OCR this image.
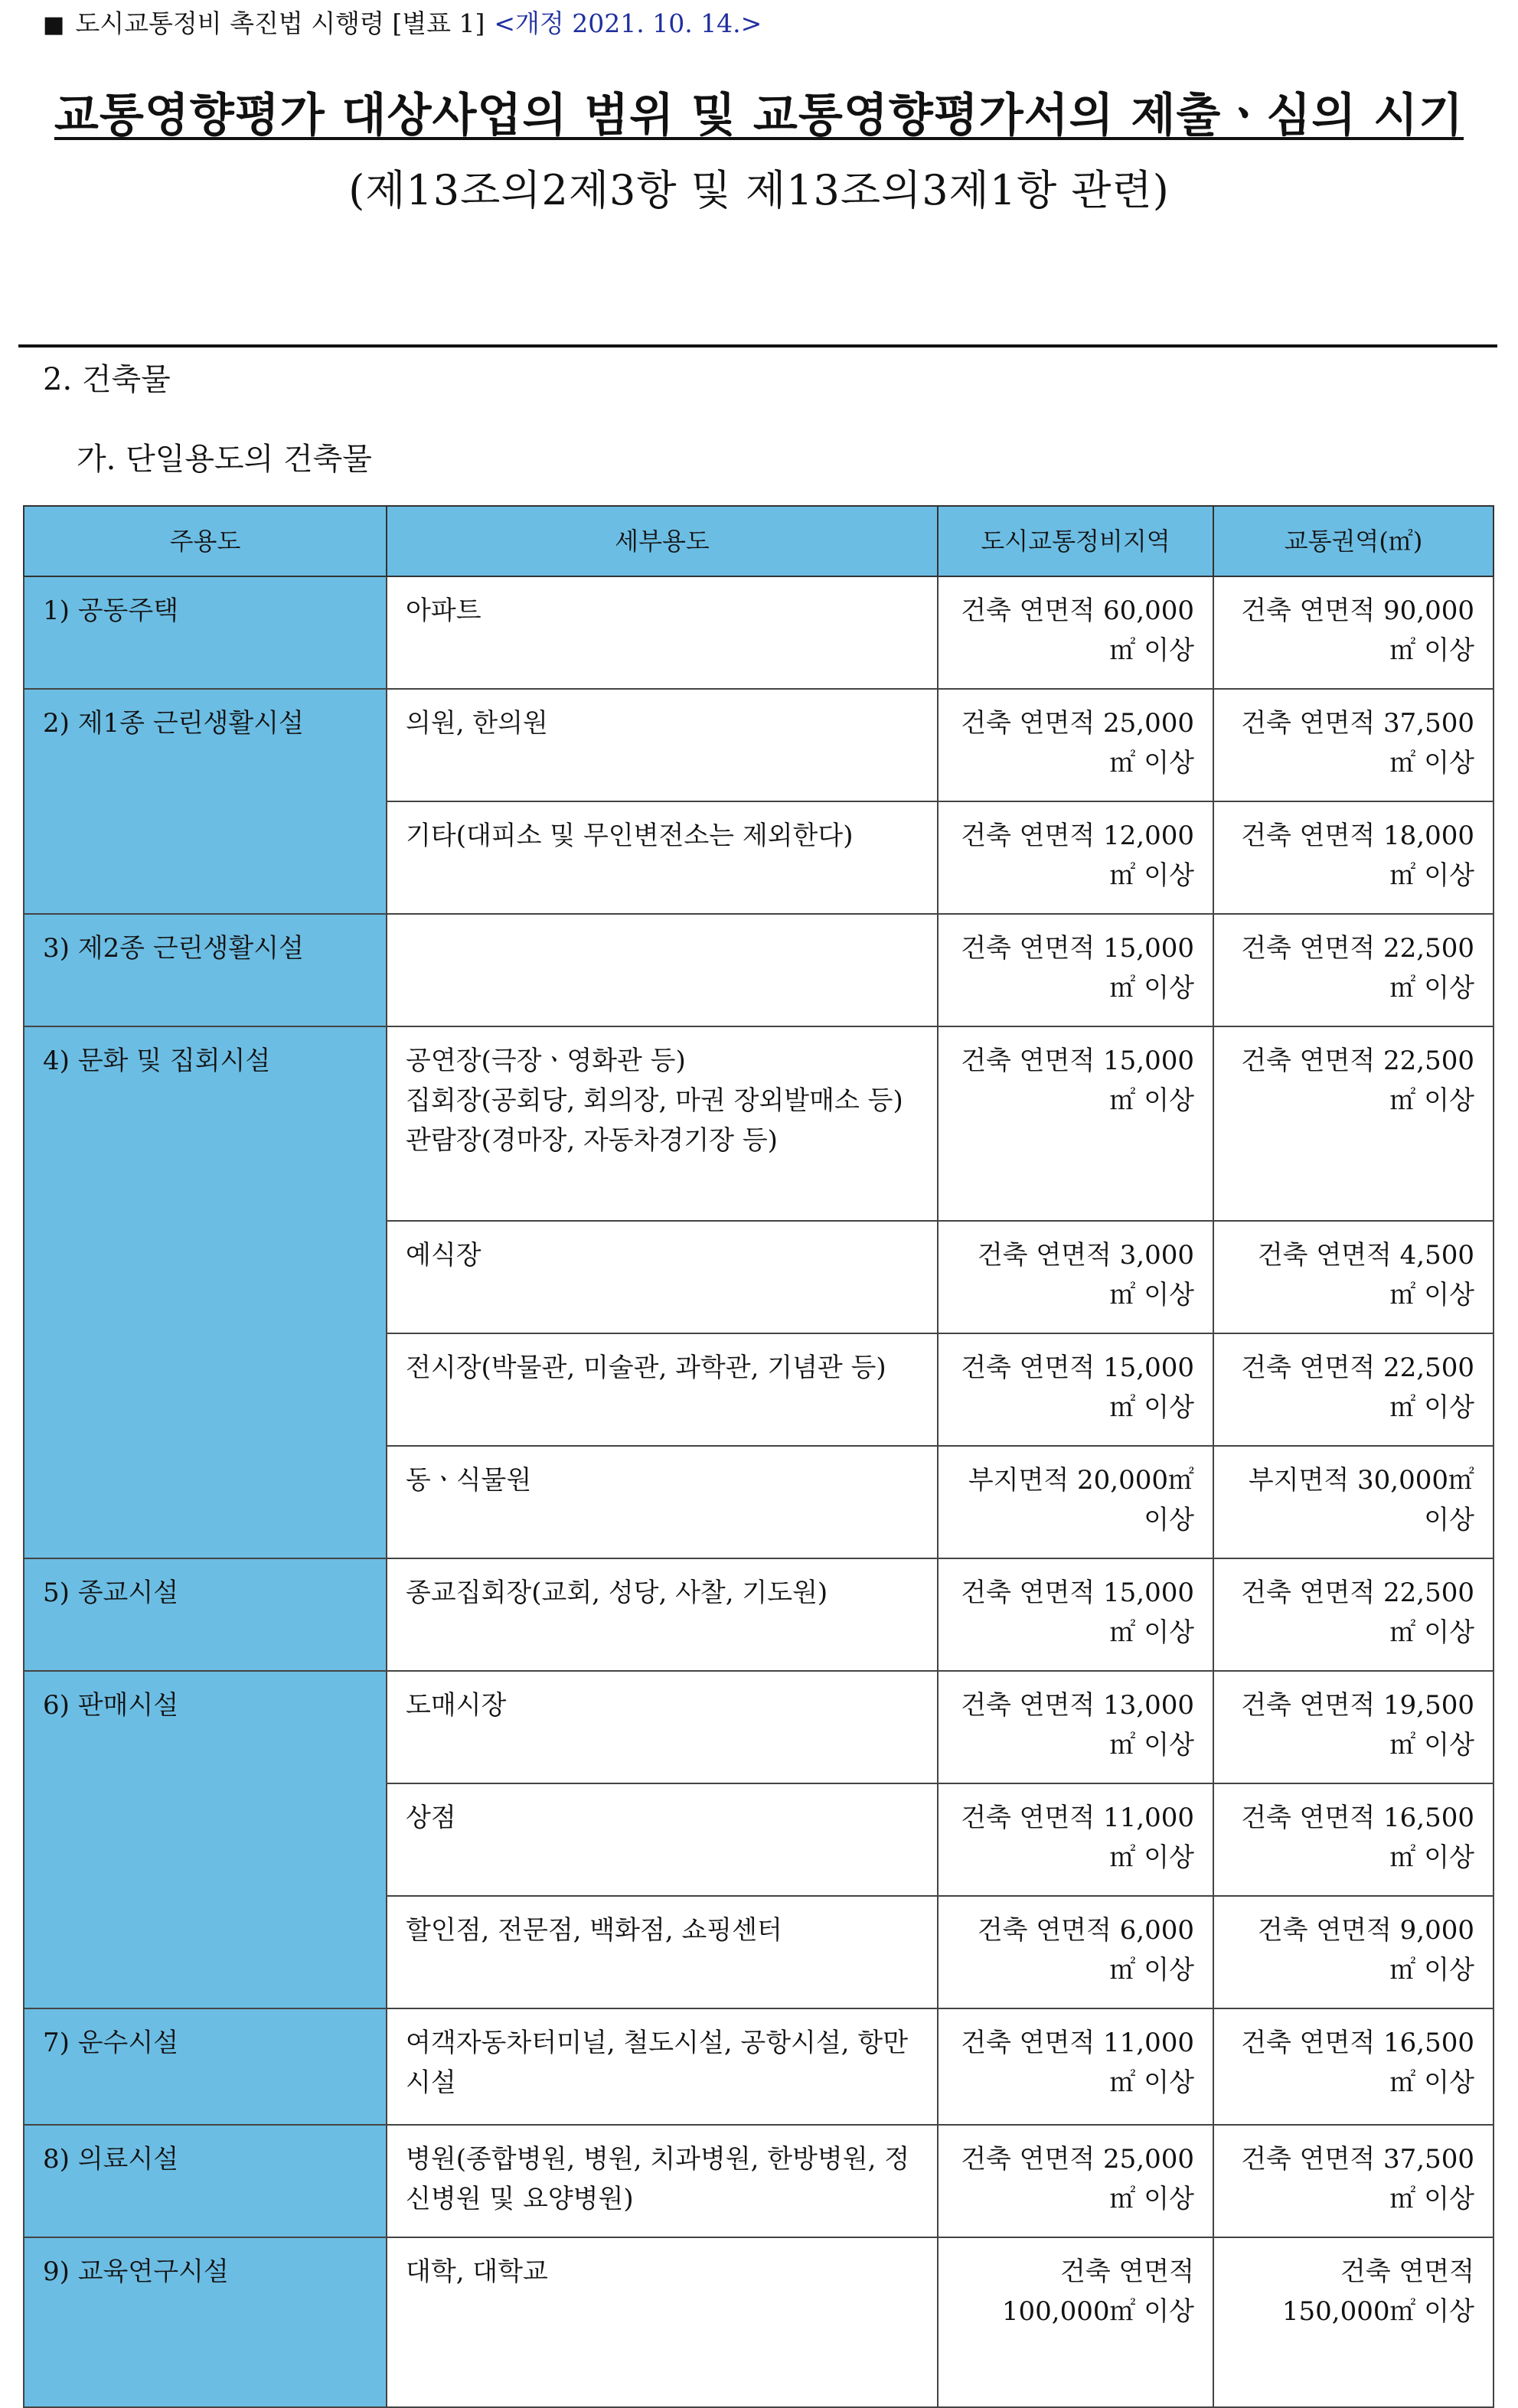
■ 도시교통정비 촉진법 시행령 [별표 1] <개정 2021. 10. 14.>
교통영향평가 대상사업의 범위 및 교통영향평가서의 제출ㆍ심의 시기
(제13조의2제3항 및 제13조의3제1항 관련)
2. 건축물
가. 단일용도의 건축물
주용도	세부용도	도시교통정비지역	교통권역(㎡)
1) 공동주택	아파트	건축 연면적 60,000㎡ 이상	건축 연면적 90,000㎡ 이상
2) 제1종 근린생활시설	의원, 한의원	건축 연면적 25,000㎡ 이상	건축 연면적 37,500㎡ 이상

	기타(대피소 및 무인변전소는 제외한다)	건축 연면적 12,000㎡ 이상	건축 연면적 18,000㎡ 이상
3) 제2종 근린생활시설		건축 연면적 15,000㎡ 이상	건축 연면적 22,500㎡ 이상
4) 문화 및 집회시설	공연장(극장ㆍ영화관 등)
집회장(공회당, 회의장, 마권 장외발매소 등)
관람장(경마장, 자동차경기장 등)	건축 연면적 15,000㎡ 이상	건축 연면적 22,500㎡ 이상

	예식장	건축 연면적 3,000㎡ 이상	건축 연면적 4,500㎡ 이상

	전시장(박물관, 미술관, 과학관, 기념관 등)	건축 연면적 15,000㎡ 이상	건축 연면적 22,500㎡ 이상

	동ㆍ식물원	부지면적 20,000㎡ 이상	부지면적 30,000㎡ 이상
5) 종교시설	종교집회장(교회, 성당, 사찰, 기도원)	건축 연면적 15,000㎡ 이상	건축 연면적 22,500㎡ 이상
6) 판매시설	도매시장	건축 연면적 13,000㎡ 이상	건축 연면적 19,500㎡ 이상

	상점	건축 연면적 11,000㎡ 이상	건축 연면적 16,500㎡ 이상

	할인점, 전문점, 백화점, 쇼핑센터	건축 연면적 6,000㎡ 이상	건축 연면적 9,000㎡ 이상
7) 운수시설	여객자동차터미널, 철도시설, 공항시설, 항만시설	건축 연면적 11,000㎡ 이상	건축 연면적 16,500㎡ 이상
8) 의료시설	병원(종합병원, 병원, 치과병원, 한방병원, 정신병원 및 요양병원)	건축 연면적 25,000㎡ 이상	건축 연면적 37,500㎡ 이상
9) 교육연구시설	대학, 대학교	건축 연면적 100,000㎡ 이상	건축 연면적 150,000㎡ 이상
